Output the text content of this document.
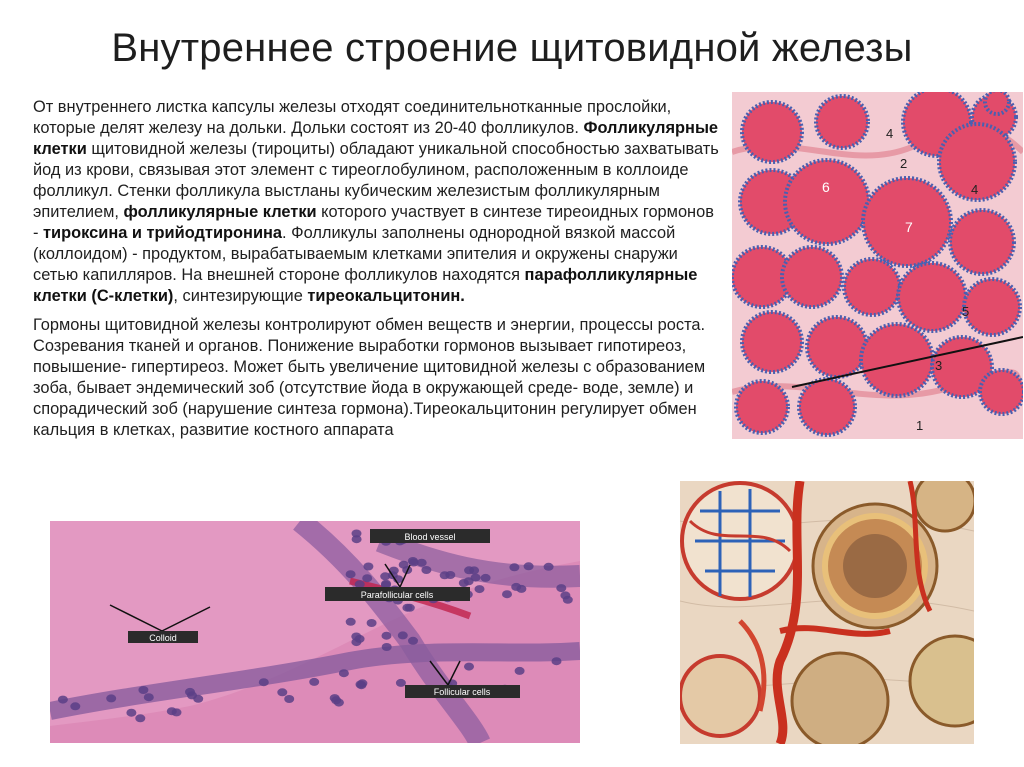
Внутреннее строение щитовидной железы

От внутреннего листка капсулы железы отходят соединительнотканные прослойки, которые делят железу на дольки. Дольки состоят из 20-40 фолликулов. Фолликулярные клетки щитовидной железы (тироциты) обладают уникальной способностью захватывать йод из крови, связывая этот элемент с тиреоглобулином, расположенным в коллоиде фолликул. Стенки фолликула выстланы кубическим железистым фолликулярным эпителием, фолликулярные клетки которого участвует в синтезе тиреоидных гормонов - тироксина и трийодтиронина. Фолликулы заполнены однородной вязкой массой (коллоидом) - продуктом, вырабатываемым клетками эпителия и окружены снаружи сетью капилляров. На внешней стороне фолликулов находятся парафолликулярные клетки (С-клетки), синтезирующие тиреокальцитонин.

Гормоны щитовидной железы контролируют обмен веществ и энергии, процессы роста. Созревания тканей и органов. Понижение выработки гормонов вызывает гипотиреоз, повышение- гипертиреоз. Может быть увеличение щитовидной железы с образованием зоба, бывает эндемический зоб (отсутствие йода в окружающей среде- воде, земле) и спорадический зоб (нарушение синтеза гормона).Тиреокальцитонин регулирует обмен кальция в клетках, развитие костного аппарата	1
2
3
4
4
5
6
7
Blood vessel
Parafollicular cells
Colloid
Follicular cells
